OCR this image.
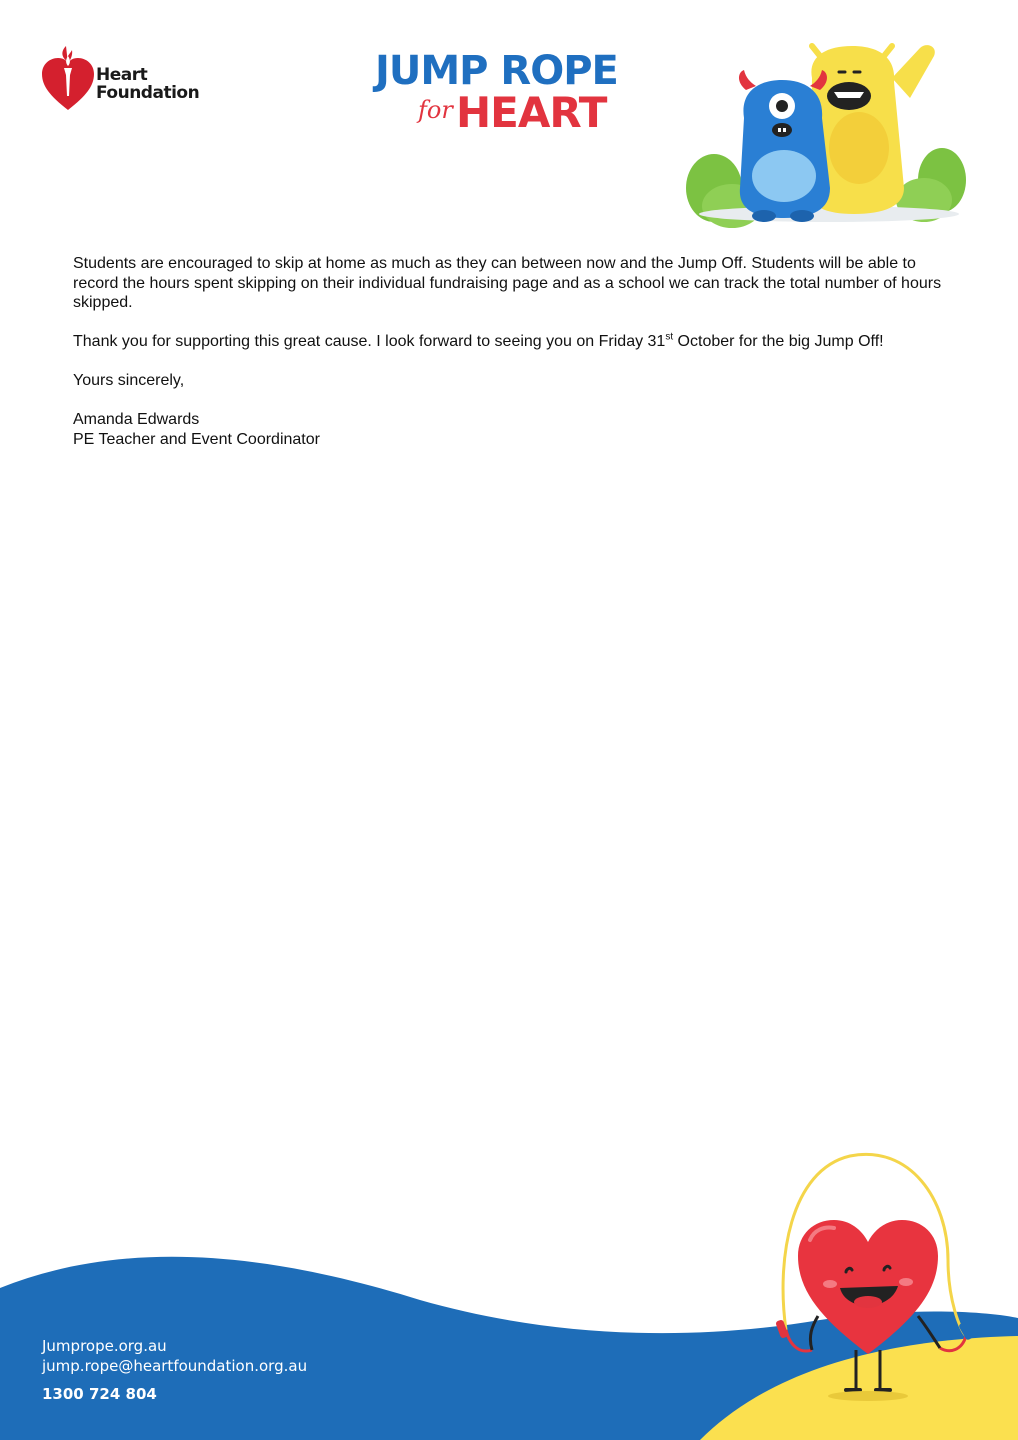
Heart
Foundation	JUMP ROPE
for HEART

Students are encouraged to skip at home as much as they can between now and the Jump Off. Students will be able to record the hours spent skipping on their individual fundraising page and as a school we can track the total number of hours skipped.

Thank you for supporting this great cause. I look forward to seeing you on Friday 31st October for the big Jump Off!

Yours sincerely,

Amanda Edwards
PE Teacher and Event Coordinator
Jumprope.org.au
jump.rope@heartfoundation.org.au
1300 724 804
